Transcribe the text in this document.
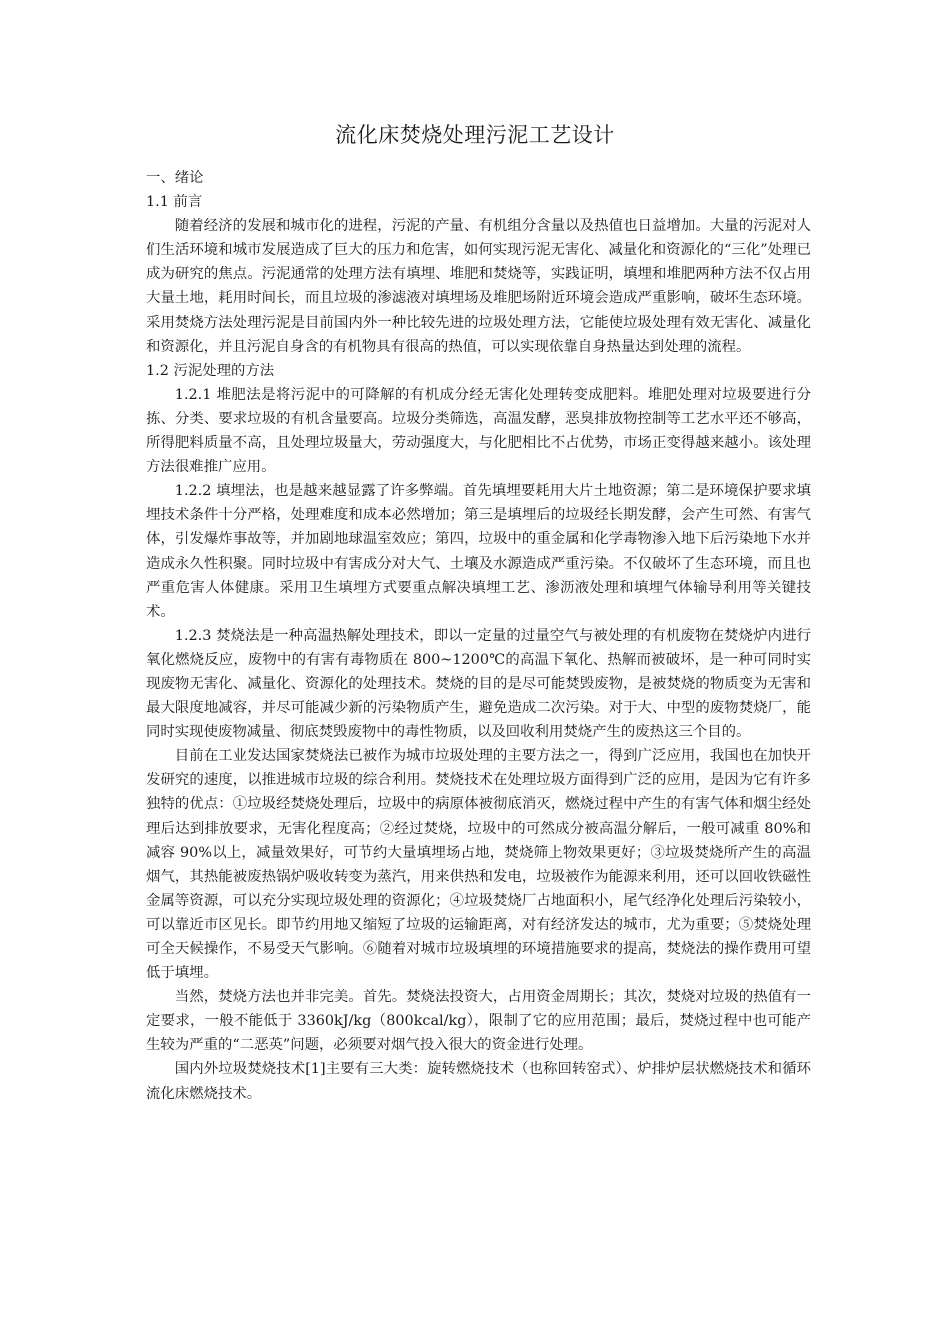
流化床焚烧处理污泥工艺设计

一、绪论

1.1 前言

随着经济的发展和城市化的进程，污泥的产量、有机组分含量以及热值也日益增加。大量的污泥对人们生活环境和城市发展造成了巨大的压力和危害，如何实现污泥无害化、减量化和资源化的“三化”处理已成为研究的焦点。污泥通常的处理方法有填埋、堆肥和焚烧等，实践证明，填埋和堆肥两种方法不仅占用大量土地，耗用时间长，而且垃圾的渗滤液对填埋场及堆肥场附近环境会造成严重影响，破坏生态环境。采用焚烧方法处理污泥是目前国内外一种比较先进的垃圾处理方法，它能使垃圾处理有效无害化、减量化和资源化，并且污泥自身含的有机物具有很高的热值，可以实现依靠自身热量达到处理的流程。

1.2 污泥处理的方法

1.2.1 堆肥法是将污泥中的可降解的有机成分经无害化处理转变成肥料。堆肥处理对垃圾要进行分拣、分类、要求垃圾的有机含量要高。垃圾分类筛选，高温发酵，恶臭排放物控制等工艺水平还不够高，所得肥料质量不高，且处理垃圾量大，劳动强度大，与化肥相比不占优势，市场正变得越来越小。该处理方法很难推广应用。

1.2.2 填埋法，也是越来越显露了许多弊端。首先填埋要耗用大片土地资源；第二是环境保护要求填埋技术条件十分严格，处理难度和成本必然增加；第三是填埋后的垃圾经长期发酵，会产生可然、有害气体，引发爆炸事故等，并加剧地球温室效应；第四，垃圾中的重金属和化学毒物渗入地下后污染地下水并造成永久性积聚。同时垃圾中有害成分对大气、土壤及水源造成严重污染。不仅破坏了生态环境，而且也严重危害人体健康。采用卫生填埋方式要重点解决填埋工艺、渗沥液处理和填埋气体输导利用等关键技术。

1.2.3 焚烧法是一种高温热解处理技术，即以一定量的过量空气与被处理的有机废物在焚烧炉内进行氧化燃烧反应，废物中的有害有毒物质在 800~1200℃的高温下氧化、热解而被破坏，是一种可同时实现废物无害化、减量化、资源化的处理技术。焚烧的目的是尽可能焚毁废物，是被焚烧的物质变为无害和最大限度地减容，并尽可能减少新的污染物质产生，避免造成二次污染。对于大、中型的废物焚烧厂，能同时实现使废物减量、彻底焚毁废物中的毒性物质，以及回收利用焚烧产生的废热这三个目的。

目前在工业发达国家焚烧法已被作为城市垃圾处理的主要方法之一，得到广泛应用，我国也在加快开发研究的速度，以推进城市垃圾的综合利用。焚烧技术在处理垃圾方面得到广泛的应用，是因为它有许多独特的优点：①垃圾经焚烧处理后，垃圾中的病原体被彻底消灭，燃烧过程中产生的有害气体和烟尘经处理后达到排放要求，无害化程度高；②经过焚烧，垃圾中的可然成分被高温分解后，一般可减重 80%和减容 90%以上，减量效果好，可节约大量填埋场占地，焚烧筛上物效果更好；③垃圾焚烧所产生的高温烟气，其热能被废热锅炉吸收转变为蒸汽，用来供热和发电，垃圾被作为能源来利用，还可以回收铁磁性金属等资源，可以充分实现垃圾处理的资源化；④垃圾焚烧厂占地面积小，尾气经净化处理后污染较小，可以靠近市区见长。即节约用地又缩短了垃圾的运输距离，对有经济发达的城市，尤为重要；⑤焚烧处理可全天候操作，不易受天气影响。⑥随着对城市垃圾填埋的环境措施要求的提高，焚烧法的操作费用可望低于填埋。

当然，焚烧方法也并非完美。首先。焚烧法投资大，占用资金周期长；其次，焚烧对垃圾的热值有一定要求，一般不能低于 3360kJ/kg（800kcal/kg），限制了它的应用范围；最后，焚烧过程中也可能产生较为严重的“二恶英”问题，必须要对烟气投入很大的资金进行处理。

国内外垃圾焚烧技术[1]主要有三大类：旋转燃烧技术（也称回转窑式）、炉排炉层状燃烧技术和循环流化床燃烧技术。
